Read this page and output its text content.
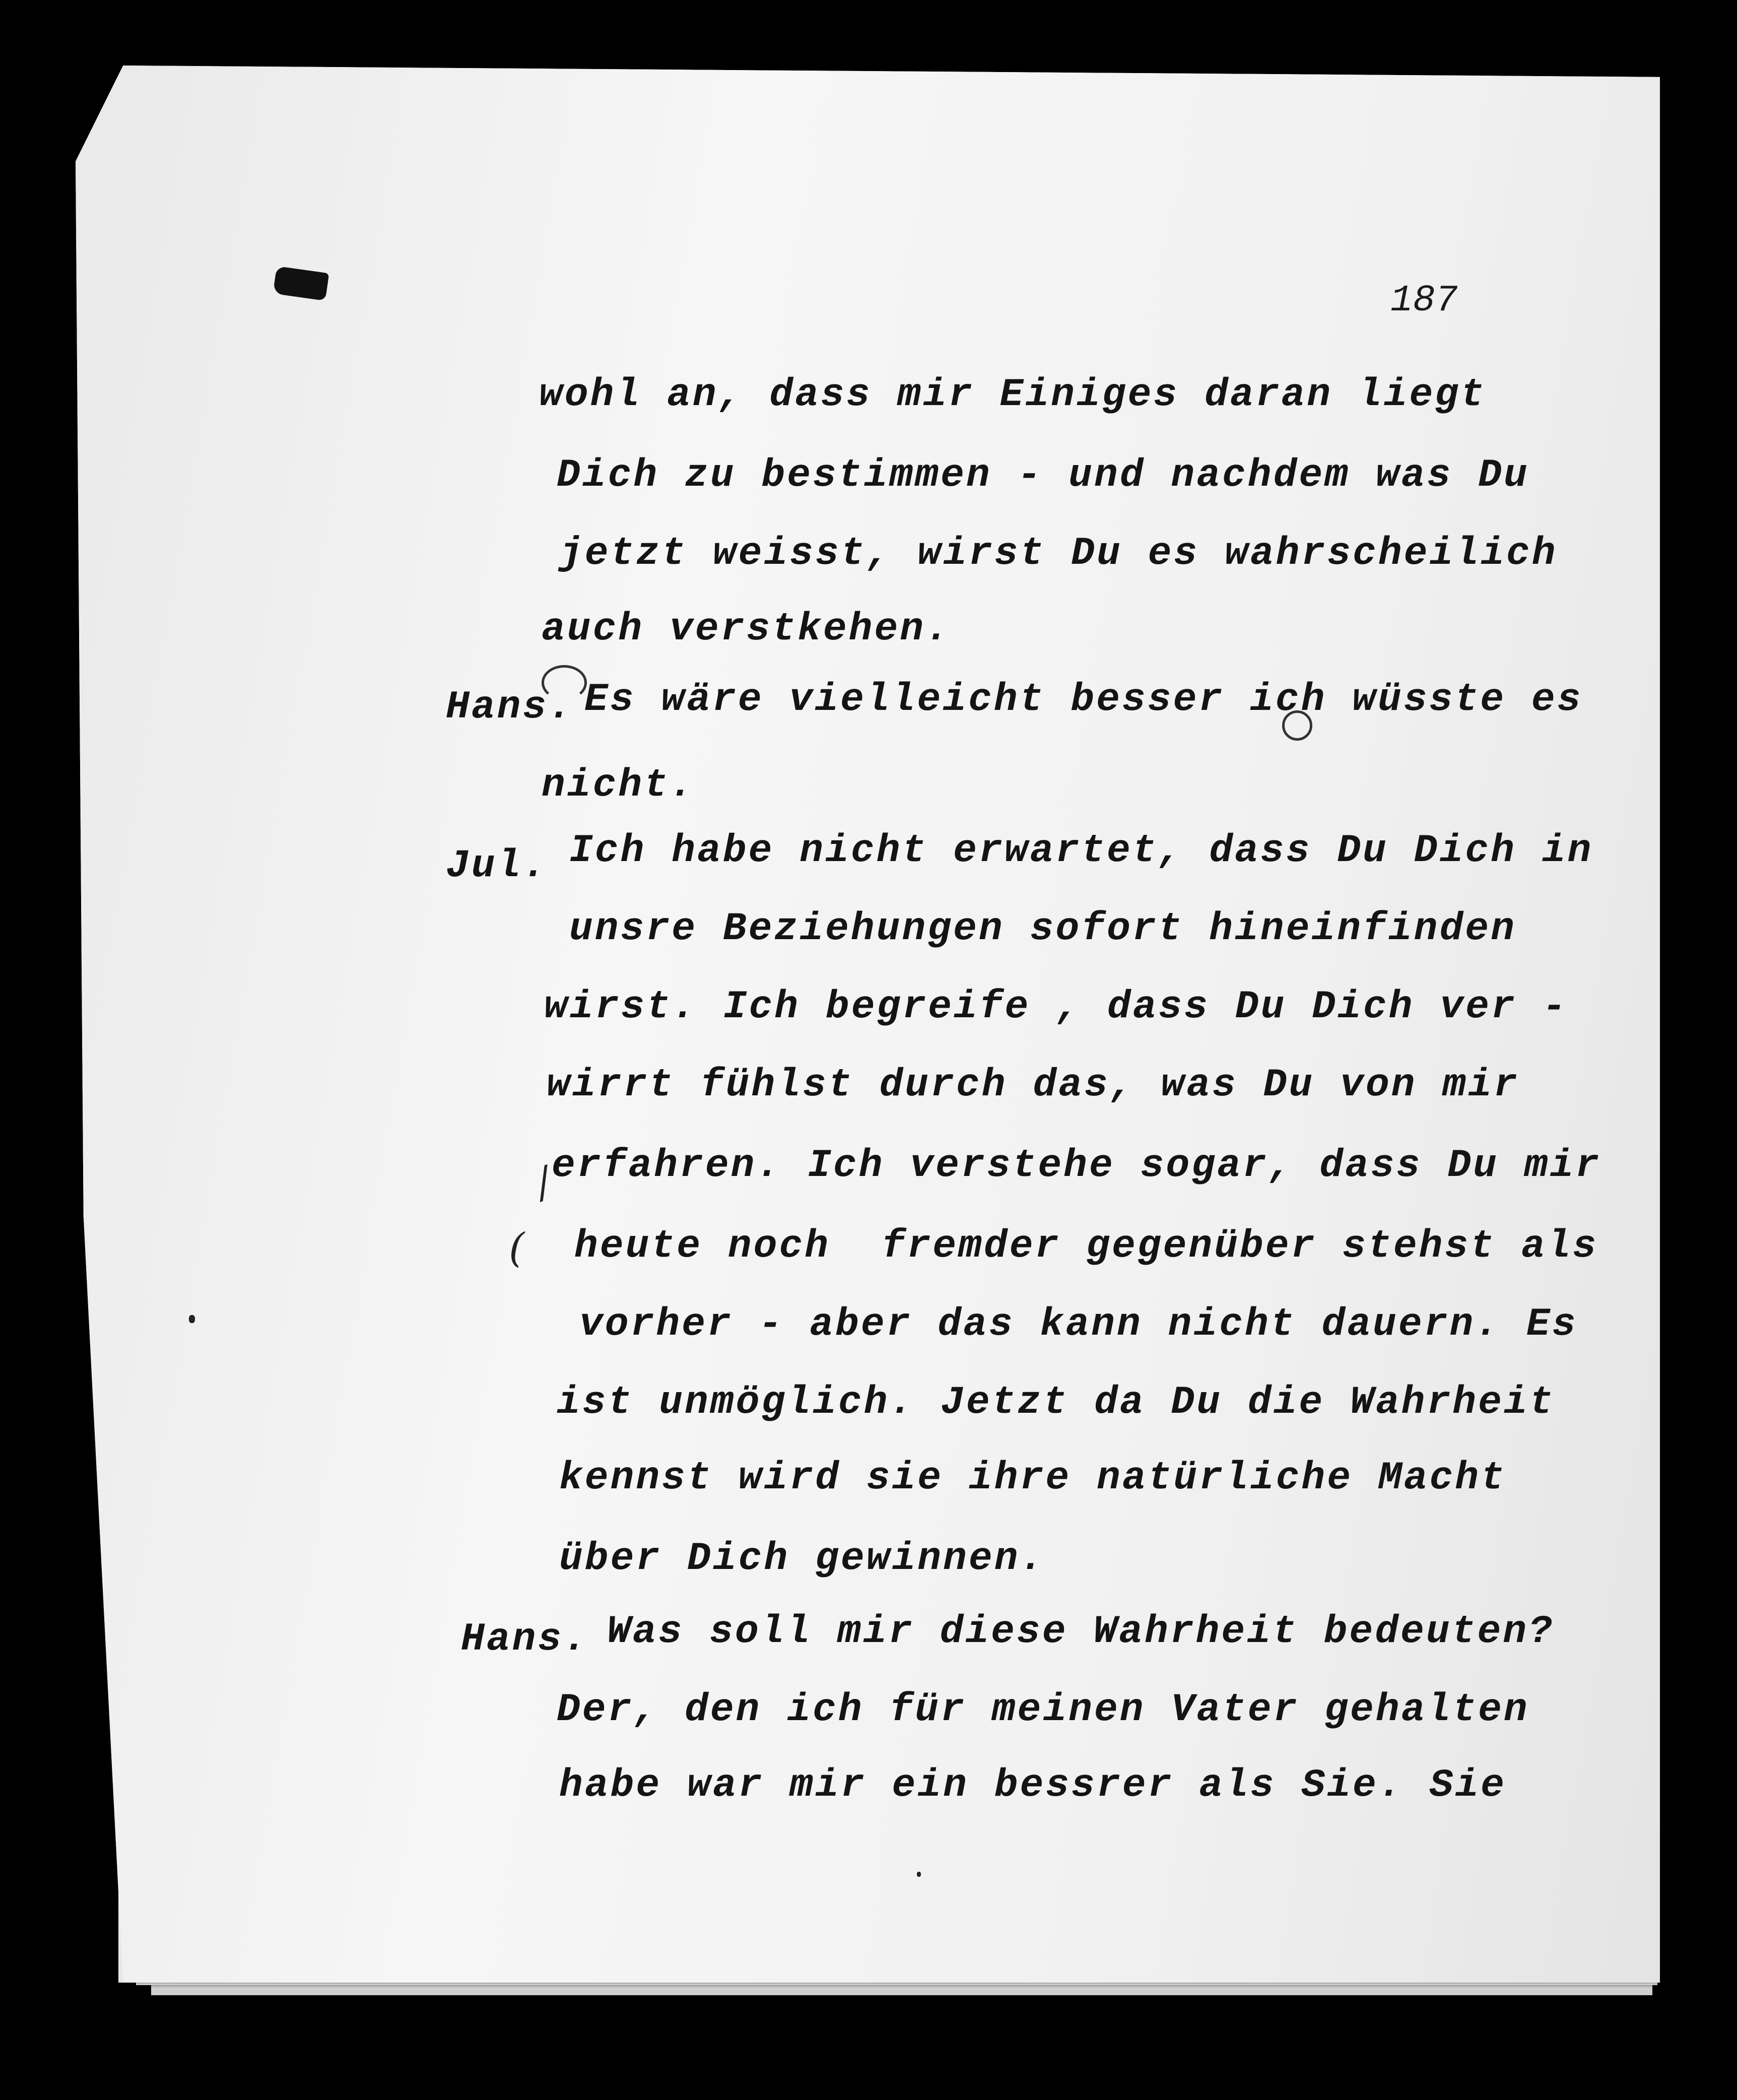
187
wohl an, dass mir Einiges daran liegt
Dich zu bestimmen - und nachdem was Du
jetzt weisst, wirst Du es wahrscheilich
auch verstkehen.
Hans. Es wäre vielleicht besser ich wüsste es
nicht.
Jul. Ich habe nicht erwartet, dass Du Dich in
unsre Beziehungen sofort hineinfinden
wirst. Ich begreife , dass Du Dich ver -
wirrt fühlst durch das, was Du von mir
erfahren. Ich verstehe sogar, dass Du mir
heute noch  fremder gegenüber stehst als
vorher - aber das kann nicht dauern. Es
ist unmöglich. Jetzt da Du die Wahrheit
kennst wird sie ihre natürliche Macht
über Dich gewinnen.
Hans. Was soll mir diese Wahrheit bedeuten?
Der, den ich für meinen Vater gehalten
habe war mir ein bessrer als Sie. Sie
/
(
